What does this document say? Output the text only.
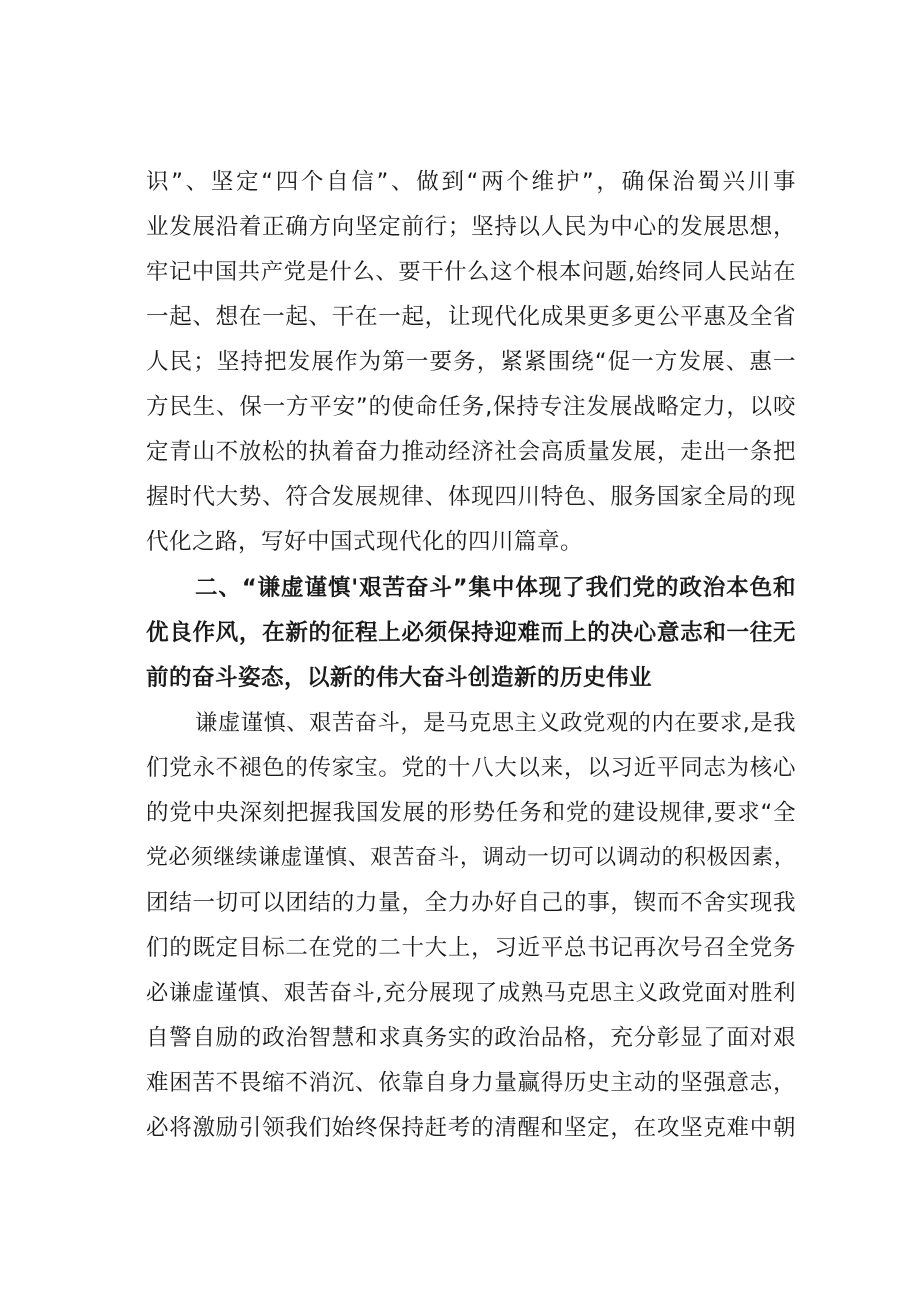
识”、坚定“四个自信”、做到“两个维护”，确保治蜀兴川事
业发展沿着正确方向坚定前行；坚持以人民为中心的发展思想，
牢记中国共产党是什么、要干什么这个根本问题,始终同人民站在
一起、想在一起、干在一起，让现代化成果更多更公平惠及全省
人民；坚持把发展作为第一要务，紧紧围绕“促一方发展、惠一
方民生、保一方平安”的使命任务,保持专注发展战略定力，以咬
定青山不放松的执着奋力推动经济社会高质量发展，走出一条把
握时代大势、符合发展规律、体现四川特色、服务国家全局的现
代化之路，写好中国式现代化的四川篇章。
二、“谦虚谨慎'艰苦奋斗”集中体现了我们党的政治本色和
优良作风，在新的征程上必须保持迎难而上的决心意志和一往无
前的奋斗姿态，以新的伟大奋斗创造新的历史伟业
谦虚谨慎、艰苦奋斗，是马克思主义政党观的内在要求,是我
们党永不褪色的传家宝。党的十八大以来，以习近平同志为核心
的党中央深刻把握我国发展的形势任务和党的建设规律,要求“全
党必须继续谦虚谨慎、艰苦奋斗，调动一切可以调动的积极因素，
团结一切可以团结的力量，全力办好自己的事，锲而不舍实现我
们的既定目标二在党的二十大上，习近平总书记再次号召全党务
必谦虚谨慎、艰苦奋斗,充分展现了成熟马克思主义政党面对胜利
自警自励的政治智慧和求真务实的政治品格，充分彰显了面对艰
难困苦不畏缩不消沉、依靠自身力量赢得历史主动的坚强意志，
必将激励引领我们始终保持赶考的清醒和坚定，在攻坚克难中朝
